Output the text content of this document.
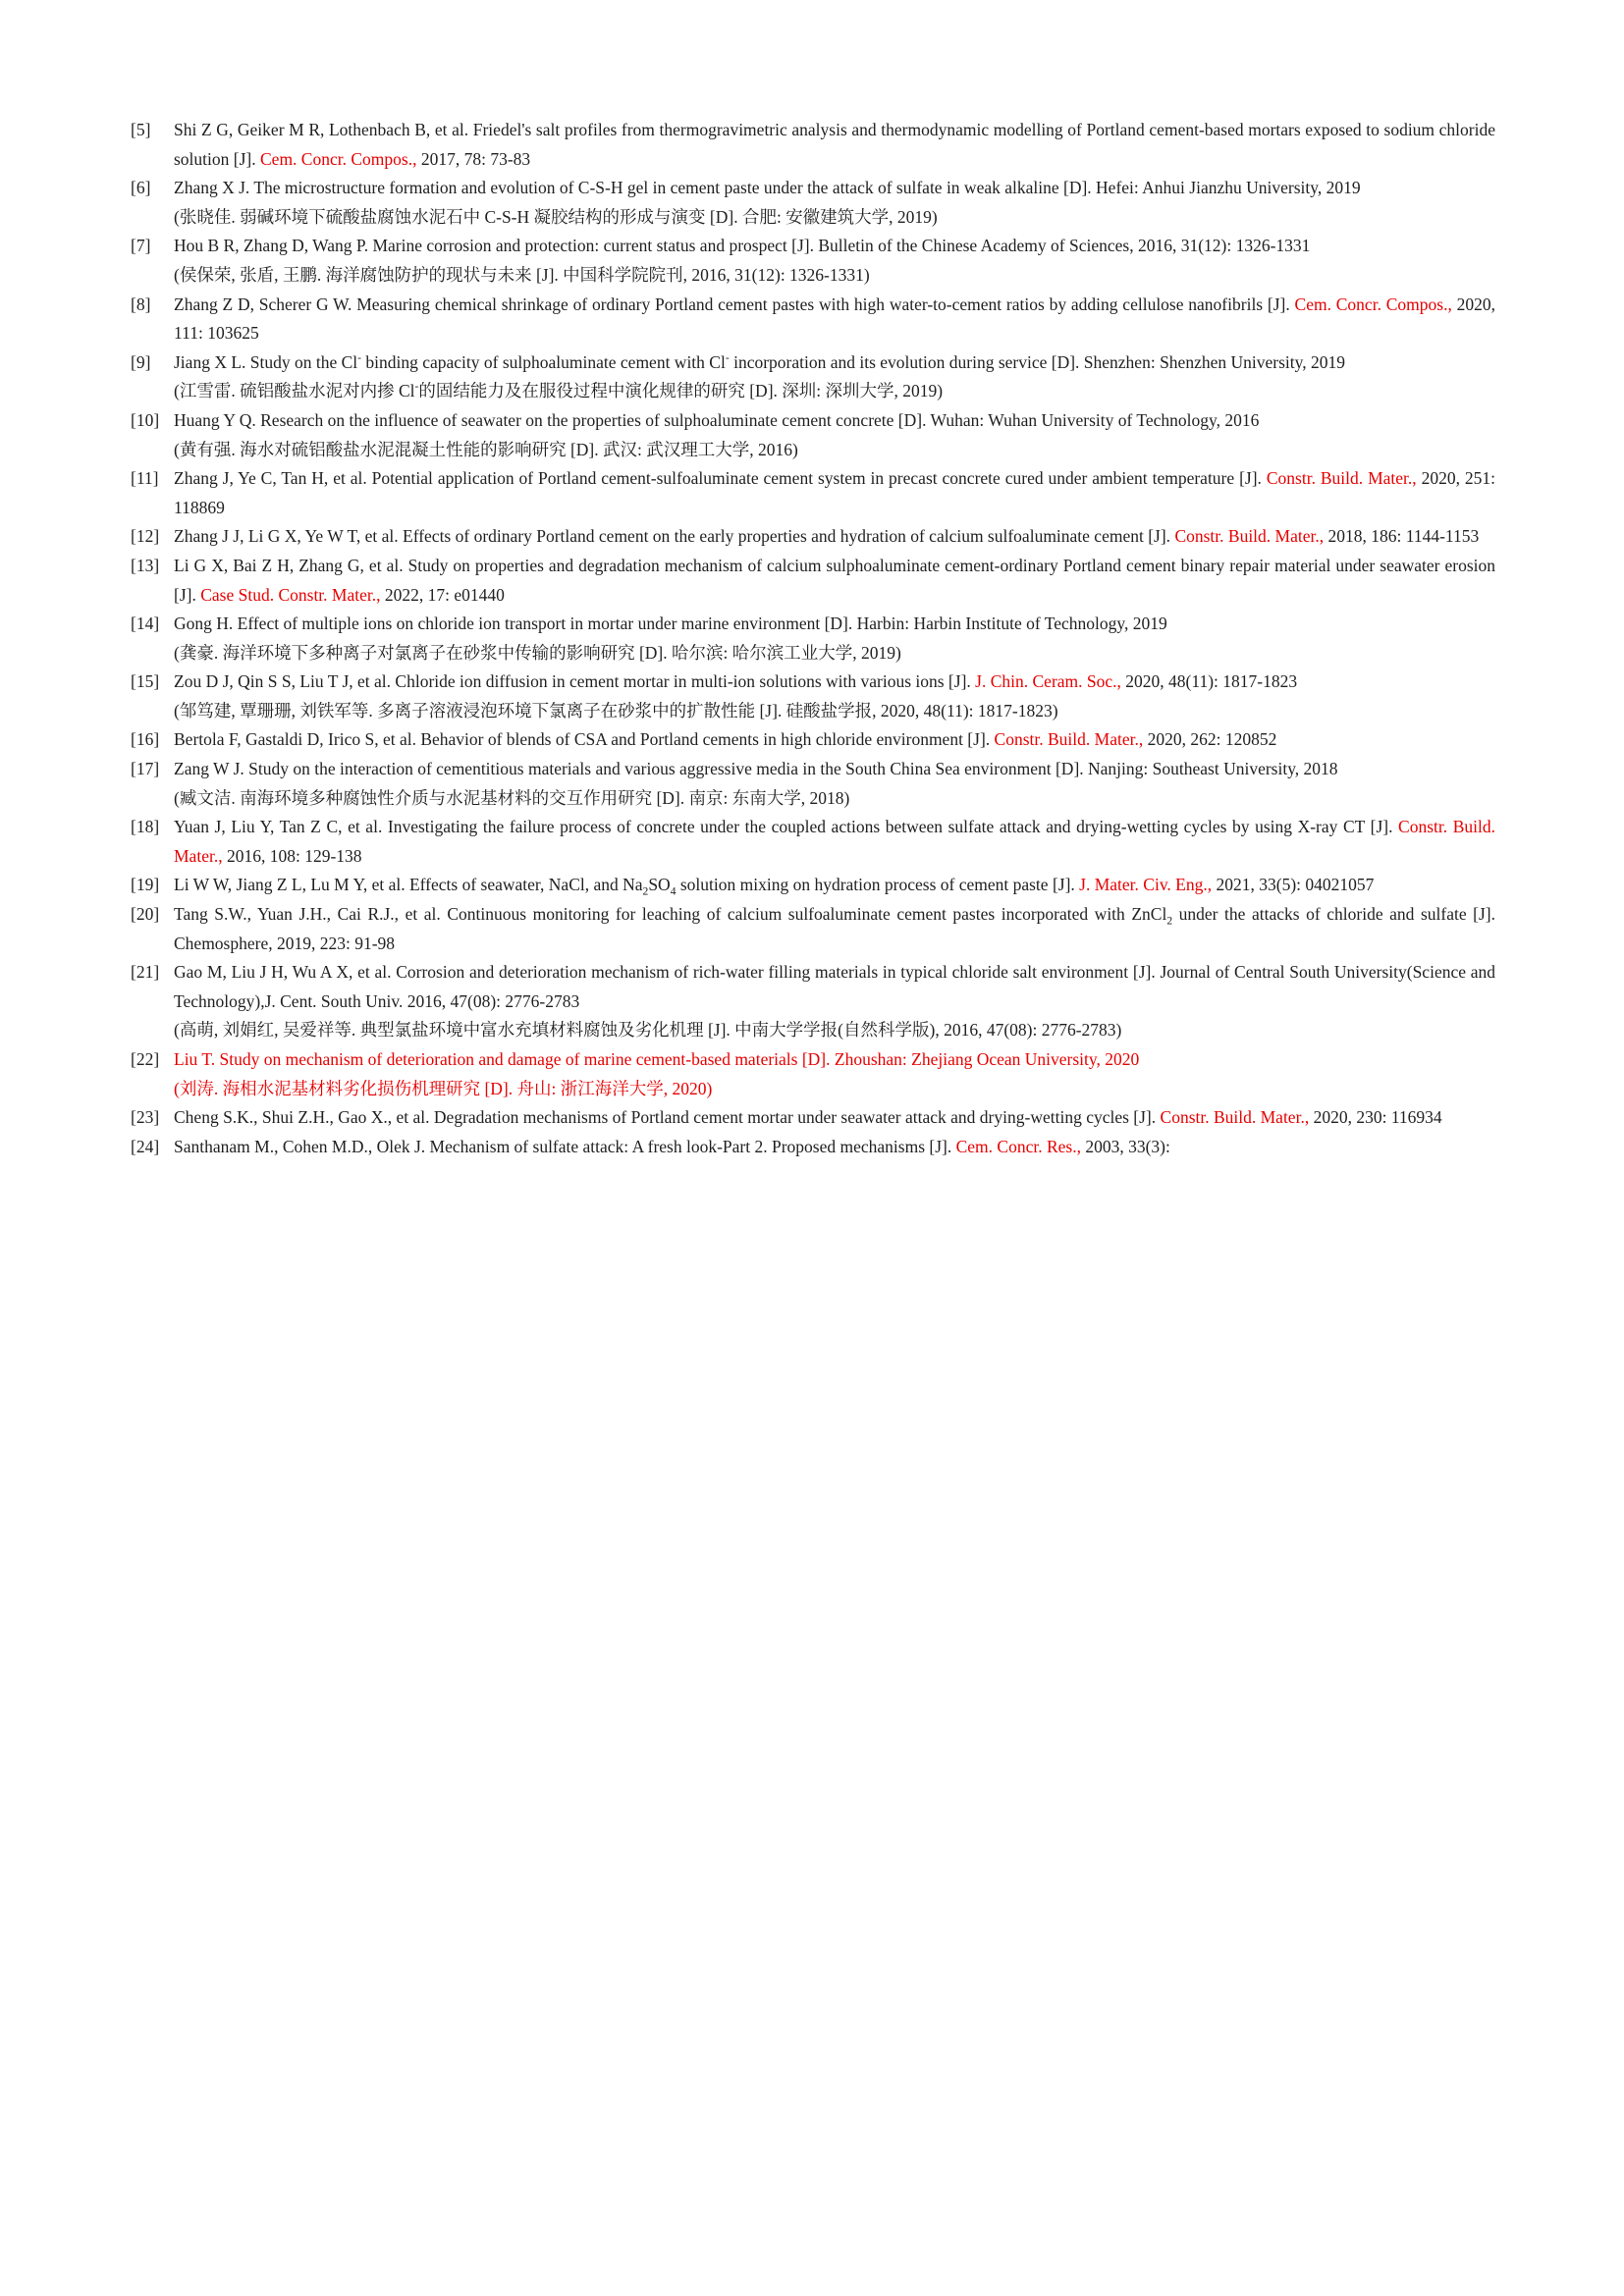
[5]	Shi Z G, Geiker M R, Lothenbach B, et al. Friedel's salt profiles from thermogravimetric analysis and thermodynamic modelling of Portland cement-based mortars exposed to sodium chloride solution [J]. Cem. Concr. Compos., 2017, 78: 73-83
[6]	Zhang X J. The microstructure formation and evolution of C-S-H gel in cement paste under the attack of sulfate in weak alkaline [D]. Hefei: Anhui Jianzhu University, 2019
(张晓佳. 弱碱环境下硫酸盐腐蚀水泥石中 C-S-H 凝胶结构的形成与演变 [D]. 合肥: 安徽建筑大学, 2019)
[7]	Hou B R, Zhang D, Wang P. Marine corrosion and protection: current status and prospect [J]. Bulletin of the Chinese Academy of Sciences, 2016, 31(12): 1326-1331
(侯保荣, 张盾, 王鹏. 海洋腐蚀防护的现状与未来 [J]. 中国科学院院刊, 2016, 31(12): 1326-1331)
[8]	Zhang Z D, Scherer G W. Measuring chemical shrinkage of ordinary Portland cement pastes with high water-to-cement ratios by adding cellulose nanofibrils [J]. Cem. Concr. Compos., 2020, 111: 103625
[9]	Jiang X L. Study on the Cl- binding capacity of sulphoaluminate cement with Cl- incorporation and its evolution during service [D]. Shenzhen: Shenzhen University, 2019
(江雪雷. 硫铝酸盐水泥对内掺 Cl-的固结能力及在服役过程中演化规律的研究 [D]. 深圳: 深圳大学, 2019)
[10] Huang Y Q. Research on the influence of seawater on the properties of sulphoaluminate cement concrete [D]. Wuhan: Wuhan University of Technology, 2016
(黄有强. 海水对硫铝酸盐水泥混凝土性能的影响研究 [D]. 武汉: 武汉理工大学, 2016)
[11] Zhang J, Ye C, Tan H, et al. Potential application of Portland cement-sulfoaluminate cement system in precast concrete cured under ambient temperature [J]. Constr. Build. Mater., 2020, 251: 118869
[12] Zhang J J, Li G X, Ye W T, et al. Effects of ordinary Portland cement on the early properties and hydration of calcium sulfoaluminate cement [J]. Constr. Build. Mater., 2018, 186: 1144-1153
[13] Li G X, Bai Z H, Zhang G, et al. Study on properties and degradation mechanism of calcium sulphoaluminate cement-ordinary Portland cement binary repair material under seawater erosion [J]. Case Stud. Constr. Mater., 2022, 17: e01440
[14] Gong H. Effect of multiple ions on chloride ion transport in mortar under marine environment [D]. Harbin: Harbin Institute of Technology, 2019
(龚豪. 海洋环境下多种离子对氯离子在砂浆中传输的影响研究 [D]. 哈尔滨: 哈尔滨工业大学, 2019)
[15] Zou D J, Qin S S, Liu T J, et al. Chloride ion diffusion in cement mortar in multi-ion solutions with various ions [J]. J. Chin. Ceram. Soc., 2020, 48(11): 1817-1823
(邹笃建, 覃珊珊, 刘铁军等. 多离子溶液浸泡环境下氯离子在砂浆中的扩散性能 [J]. 硅酸盐学报, 2020, 48(11): 1817-1823)
[16] Bertola F, Gastaldi D, Irico S, et al. Behavior of blends of CSA and Portland cements in high chloride environment [J]. Constr. Build. Mater., 2020, 262: 120852
[17] Zang W J. Study on the interaction of cementitious materials and various aggressive media in the South China Sea environment [D]. Nanjing: Southeast University, 2018
(臧文洁. 南海环境多种腐蚀性介质与水泥基材料的交互作用研究 [D]. 南京: 东南大学, 2018)
[18] Yuan J, Liu Y, Tan Z C, et al. Investigating the failure process of concrete under the coupled actions between sulfate attack and drying-wetting cycles by using X-ray CT [J]. Constr. Build. Mater., 2016, 108: 129-138
[19] Li W W, Jiang Z L, Lu M Y, et al. Effects of seawater, NaCl, and $Na_2SO_4$ solution mixing on hydration process of cement paste [J]. J. Mater. Civ. Eng., 2021, 33(5): 04021057
[20] Tang S.W., Yuan J.H., Cai R.J., et al. Continuous monitoring for leaching of calcium sulfoaluminate cement pastes incorporated with ZnCl$_2$ under the attacks of chloride and sulfate [J]. Chemosphere, 2019, 223: 91-98
[21] Gao M, Liu J H, Wu A X, et al. Corrosion and deterioration mechanism of rich-water filling materials in typical chloride salt environment [J]. Journal of Central South University(Science and Technology),J. Cent. South Univ. 2016, 47(08): 2776-2783
(高萌, 刘娟红, 吴爱祥等. 典型氯盐环境中富水充填材料腐蚀及劣化机理 [J]. 中南大学学报(自然科学版), 2016, 47(08): 2776-2783)
[22] Liu T. Study on mechanism of deterioration and damage of marine cement-based materials [D]. Zhoushan: Zhejiang Ocean University, 2020
(刘涛. 海相水泥基材料劣化损伤机理研究 [D]. 舟山: 浙江海洋大学, 2020)
[23] Cheng S.K., Shui Z.H., Gao X., et al. Degradation mechanisms of Portland cement mortar under seawater attack and drying-wetting cycles [J]. Constr. Build. Mater., 2020, 230: 116934
[24] Santhanam M., Cohen M.D., Olek J. Mechanism of sulfate attack: A fresh look-Part 2. Proposed mechanisms [J]. Cem. Concr. Res., 2003, 33(3):
